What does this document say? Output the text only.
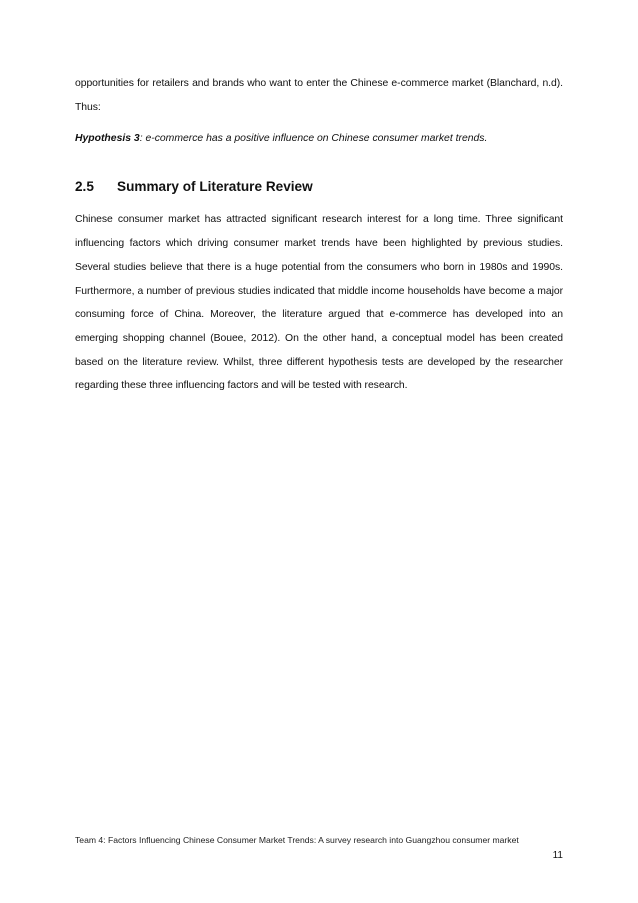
opportunities for retailers and brands who want to enter the Chinese e-commerce market (Blanchard, n.d). Thus:

Hypothesis 3: e-commerce has a positive influence on Chinese consumer market trends.

2.5	Summary of Literature Review

Chinese consumer market has attracted significant research interest for a long time. Three significant influencing factors which driving consumer market trends have been highlighted by previous studies. Several studies believe that there is a huge potential from the consumers who born in 1980s and 1990s. Furthermore, a number of previous studies indicated that middle income households have become a major consuming force of China. Moreover, the literature argued that e-commerce has developed into an emerging shopping channel (Bouee, 2012). On the other hand, a conceptual model has been created based on the literature review. Whilst, three different hypothesis tests are developed by the researcher regarding these three influencing factors and will be tested with research.

Team 4: Factors Influencing Chinese Consumer Market Trends: A survey research into Guangzhou consumer market
11
